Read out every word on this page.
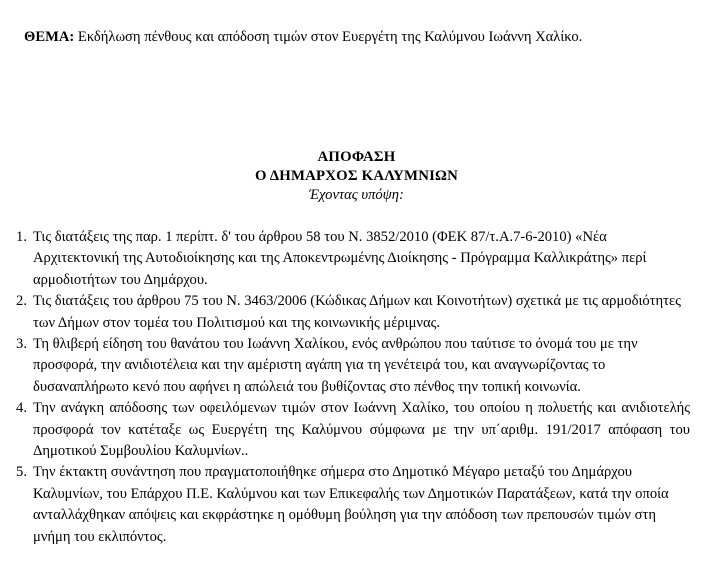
ΘΕΜΑ: Εκδήλωση πένθους και απόδοση τιμών στον Ευεργέτη της Καλύμνου Ιωάννη Χαλίκο.

ΑΠΟΦΑΣΗ
Ο ΔΗΜΑΡΧΟΣ ΚΑΛΥΜΝΙΩΝ
Έχοντας υπόψη:
1. Τις διατάξεις της παρ. 1 περίπτ. δ' του άρθρου 58 του Ν. 3852/2010 (ΦΕΚ 87/τ.Α.7-6-2010) «Νέα Αρχιτεκτονική της Αυτοδιοίκησης και της Αποκεντρωμένης Διοίκησης - Πρόγραμμα Καλλικράτης» περί αρμοδιοτήτων του Δημάρχου.
2. Τις διατάξεις του άρθρου 75 του Ν. 3463/2006 (Κώδικας Δήμων και Κοινοτήτων) σχετικά με τις αρμοδιότητες των Δήμων στον τομέα του Πολιτισμού και της κοινωνικής μέριμνας.
3. Τη θλιβερή είδηση του θανάτου του Ιωάννη Χαλίκου, ενός ανθρώπου που ταύτισε το όνομά του με την προσφορά, την ανιδιοτέλεια και την αμέριστη αγάπη για τη γενέτειρά του, και αναγνωρίζοντας το δυσαναπλήρωτο κενό που αφήνει η απώλειά του βυθίζοντας στο πένθος την τοπική κοινωνία.
4. Την ανάγκη απόδοσης των οφειλόμενων τιμών στον Ιωάννη Χαλίκο, του οποίου η πολυετής και ανιδιοτελής προσφορά τον κατέταξε ως Ευεργέτη της Καλύμνου σύμφωνα με την υπ΄αριθμ. 191/2017 απόφαση του Δημοτικού Συμβουλίου Καλυμνίων..
5. Την έκτακτη συνάντηση που πραγματοποιήθηκε σήμερα στο Δημοτικό Μέγαρο μεταξύ του Δημάρχου Καλυμνίων, του Επάρχου Π.Ε. Καλύμνου και των Επικεφαλής των Δημοτικών Παρατάξεων, κατά την οποία ανταλλάχθηκαν απόψεις και εκφράστηκε η ομόθυμη βούληση για την απόδοση των πρεπουσών τιμών στη μνήμη του εκλιπόντος.
